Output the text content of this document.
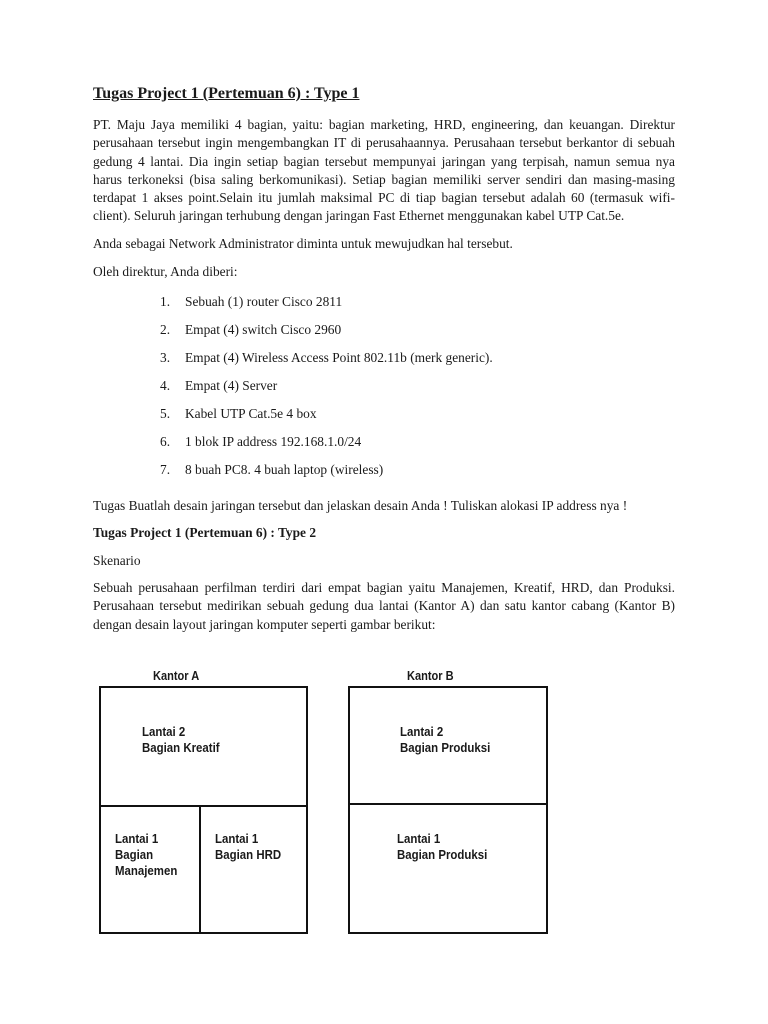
Tugas Project 1 (Pertemuan 6) : Type 1

PT. Maju Jaya memiliki 4 bagian, yaitu: bagian marketing, HRD, engineering, dan keuangan. Direktur perusahaan tersebut ingin mengembangkan IT di perusahaannya. Perusahaan tersebut berkantor di sebuah gedung 4 lantai. Dia ingin setiap bagian tersebut mempunyai jaringan yang terpisah, namun semua nya harus terkoneksi (bisa saling berkomunikasi). Setiap bagian memiliki server sendiri dan masing-masing terdapat 1 akses point.Selain itu jumlah maksimal PC di tiap bagian tersebut adalah 60 (termasuk wifi-client). Seluruh jaringan terhubung dengan jaringan Fast Ethernet menggunakan kabel UTP Cat.5e.

Anda sebagai Network Administrator diminta untuk mewujudkan hal tersebut.

Oleh direktur, Anda diberi:

1.	Sebuah (1) router Cisco 2811
2.	Empat (4) switch Cisco 2960
3.	Empat (4) Wireless Access Point 802.11b (merk generic).
4.	Empat (4) Server
5.	Kabel UTP Cat.5e 4 box
6.	1 blok IP address 192.168.1.0/24
7.	8 buah PC8. 4 buah laptop (wireless)

Tugas Buatlah desain jaringan tersebut dan jelaskan desain Anda ! Tuliskan alokasi IP address nya !

Tugas Project 1 (Pertemuan 6) : Type 2

Skenario

Sebuah perusahaan perfilman terdiri dari empat bagian yaitu Manajemen, Kreatif, HRD, dan Produksi. Perusahaan tersebut medirikan sebuah gedung dua lantai (Kantor A) dan satu kantor cabang (Kantor B) dengan desain layout jaringan komputer seperti gambar berikut:

Kantor A
Lantai 2
Bagian Kreatif
Lantai 1
Bagian
Manajemen
Lantai 1
Bagian HRD
Kantor B
Lantai 2
Bagian Produksi
Lantai 1
Bagian Produksi
